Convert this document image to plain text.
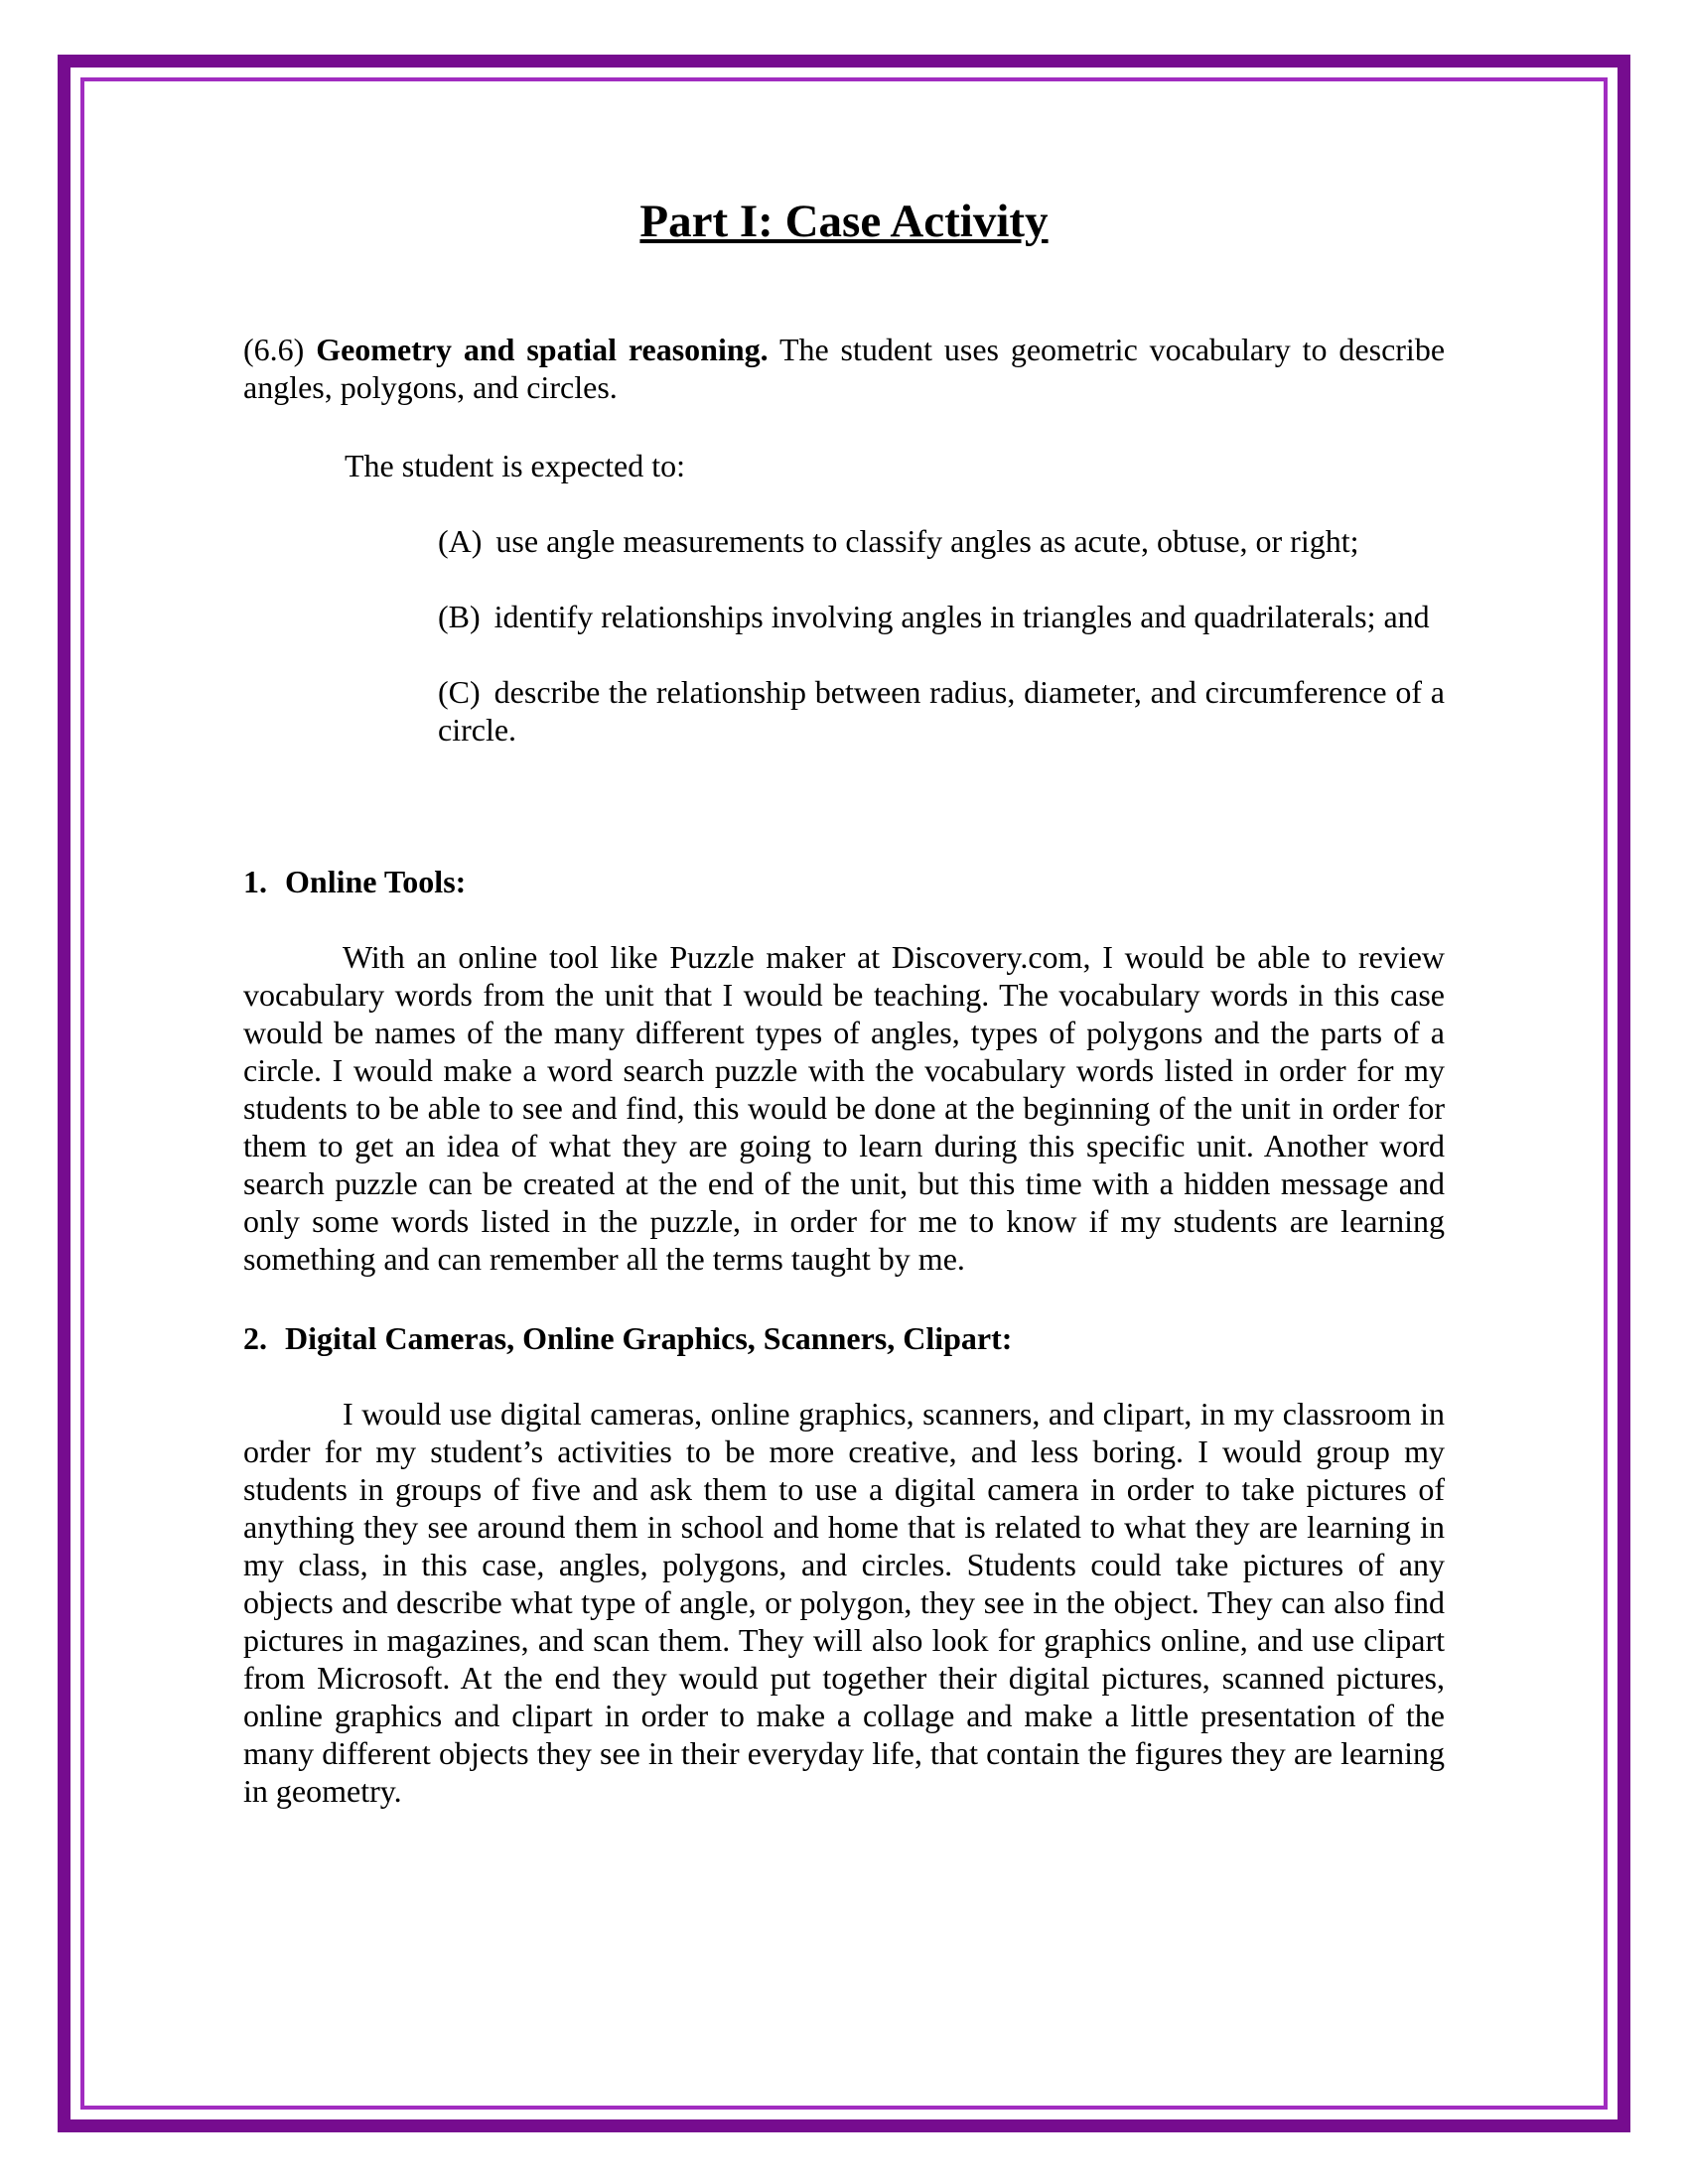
Part I: Case Activity

(6.6) Geometry and spatial reasoning. The student uses geometric vocabulary to describe angles, polygons, and circles.

The student is expected to:

(A) use angle measurements to classify angles as acute, obtuse, or right;

(B) identify relationships involving angles in triangles and quadrilaterals; and

(C) describe the relationship between radius, diameter, and circumference of a circle.

1. Online Tools:

With an online tool like Puzzle maker at Discovery.com, I would be able to review vocabulary words from the unit that I would be teaching. The vocabulary words in this case would be names of the many different types of angles, types of polygons and the parts of a circle. I would make a word search puzzle with the vocabulary words listed in order for my students to be able to see and find, this would be done at the beginning of the unit in order for them to get an idea of what they are going to learn during this specific unit. Another word search puzzle can be created at the end of the unit, but this time with a hidden message and only some words listed in the puzzle, in order for me to know if my students are learning something and can remember all the terms taught by me.

2. Digital Cameras, Online Graphics, Scanners, Clipart:

I would use digital cameras, online graphics, scanners, and clipart, in my classroom in order for my student’s activities to be more creative, and less boring. I would group my students in groups of five and ask them to use a digital camera in order to take pictures of anything they see around them in school and home that is related to what they are learning in my class, in this case, angles, polygons, and circles. Students could take pictures of any objects and describe what type of angle, or polygon, they see in the object. They can also find pictures in magazines, and scan them. They will also look for graphics online, and use clipart from Microsoft. At the end they would put together their digital pictures, scanned pictures, online graphics and clipart in order to make a collage and make a little presentation of the many different objects they see in their everyday life, that contain the figures they are learning in geometry.
